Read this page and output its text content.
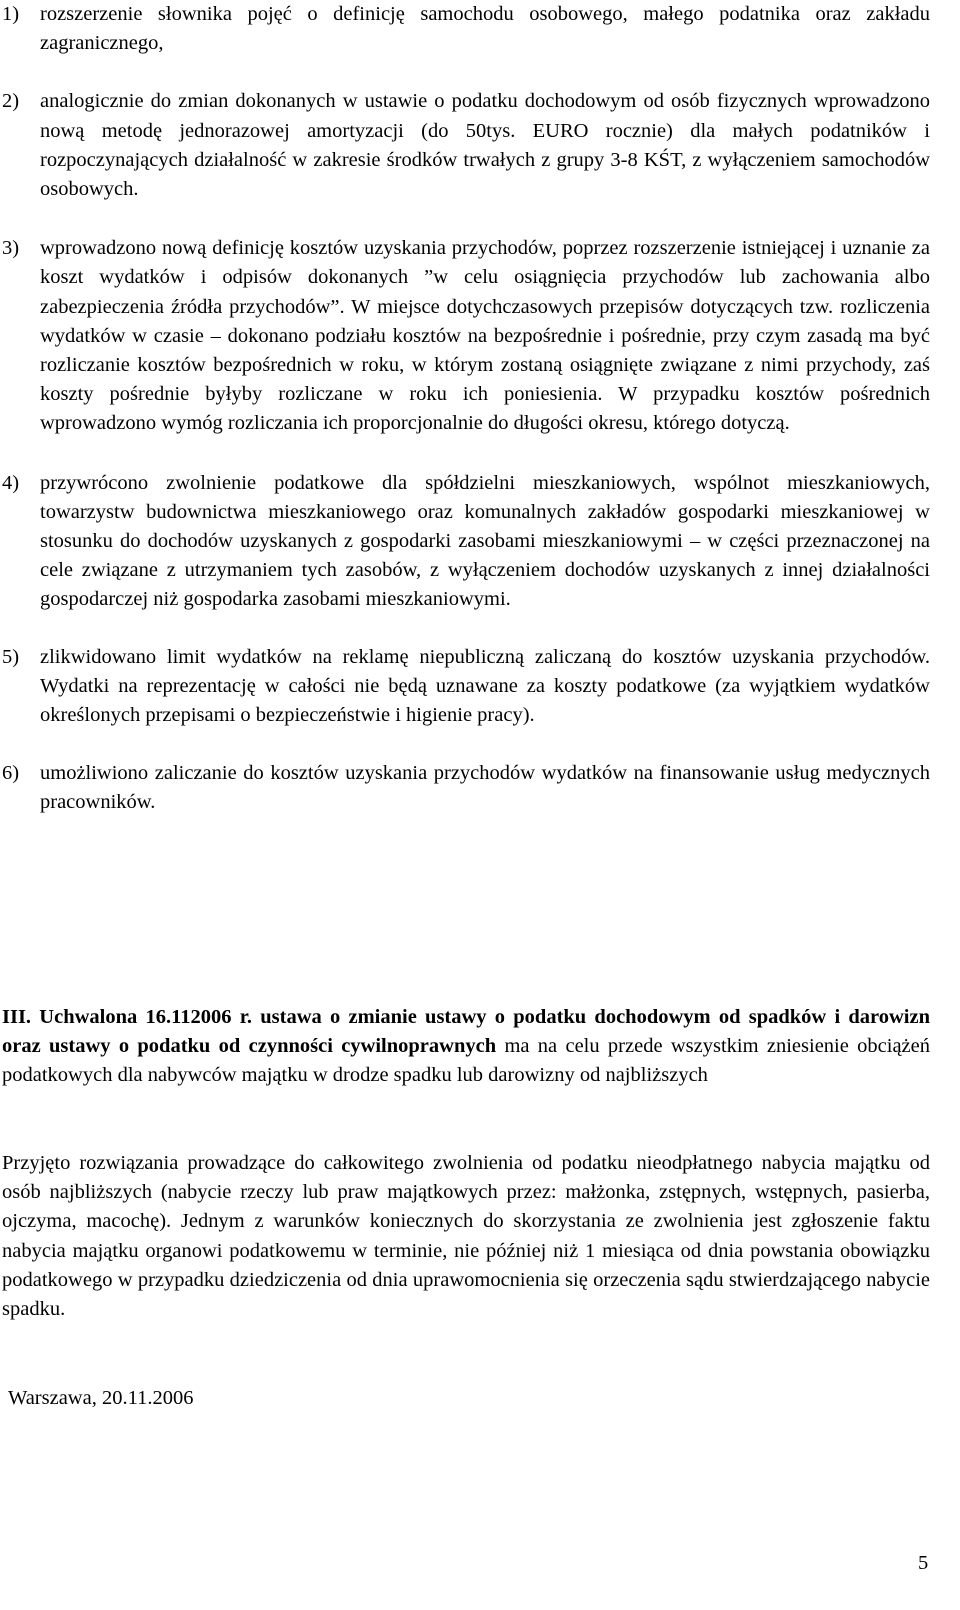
1) rozszerzenie słownika pojęć o definicję samochodu osobowego, małego podatnika oraz zakładu zagranicznego,

2) analogicznie do zmian dokonanych w ustawie o podatku dochodowym od osób fizycznych wprowadzono nową metodę jednorazowej amortyzacji (do 50tys. EURO rocznie) dla małych podatników i rozpoczynających działalność w zakresie środków trwałych z grupy 3-8 KŚT, z wyłączeniem samochodów osobowych.

3) wprowadzono nową definicję kosztów uzyskania przychodów, poprzez rozszerzenie istniejącej i uznanie za koszt wydatków i odpisów dokonanych ”w celu osiągnięcia przychodów lub zachowania albo zabezpieczenia źródła przychodów”. W miejsce dotychczasowych przepisów dotyczących tzw. rozliczenia wydatków w czasie – dokonano podziału kosztów na bezpośrednie i pośrednie, przy czym zasadą ma być rozliczanie kosztów bezpośrednich w roku, w którym zostaną osiągnięte związane z nimi przychody, zaś koszty pośrednie byłyby rozliczane w roku ich poniesienia. W przypadku kosztów pośrednich wprowadzono wymóg rozliczania ich proporcjonalnie do długości okresu, którego dotyczą.

4) przywrócono zwolnienie podatkowe dla spółdzielni mieszkaniowych, wspólnot mieszkaniowych, towarzystw budownictwa mieszkaniowego oraz komunalnych zakładów gospodarki mieszkaniowej w stosunku do dochodów uzyskanych z gospodarki zasobami mieszkaniowymi – w części przeznaczonej na cele związane z utrzymaniem tych zasobów, z wyłączeniem dochodów uzyskanych z innej działalności gospodarczej niż gospodarka zasobami mieszkaniowymi.

5) zlikwidowano limit wydatków na reklamę niepubliczną zaliczaną do kosztów uzyskania przychodów. Wydatki na reprezentację w całości nie będą uznawane za koszty podatkowe (za wyjątkiem wydatków określonych przepisami o bezpieczeństwie i higienie pracy).

6) umożliwiono zaliczanie do kosztów uzyskania przychodów wydatków na finansowanie usług medycznych pracowników.

III. Uchwalona 16.112006 r. ustawa o zmianie ustawy o podatku dochodowym od spadków i darowizn oraz ustawy o podatku od czynności cywilnoprawnych ma na celu przede wszystkim zniesienie obciążeń podatkowych dla nabywców majątku w drodze spadku lub darowizny od najbliższych

Przyjęto rozwiązania prowadzące do całkowitego zwolnienia od podatku nieodpłatnego nabycia majątku od osób najbliższych (nabycie rzeczy lub praw majątkowych przez: małżonka, zstępnych, wstępnych, pasierba, ojczyma, macochę). Jednym z warunków koniecznych do skorzystania ze zwolnienia jest zgłoszenie faktu nabycia majątku organowi podatkowemu w terminie, nie później niż 1 miesiąca od dnia powstania obowiązku podatkowego w przypadku dziedziczenia od dnia uprawomocnienia się orzeczenia sądu stwierdzającego nabycie spadku.

Warszawa, 20.11.2006
5
